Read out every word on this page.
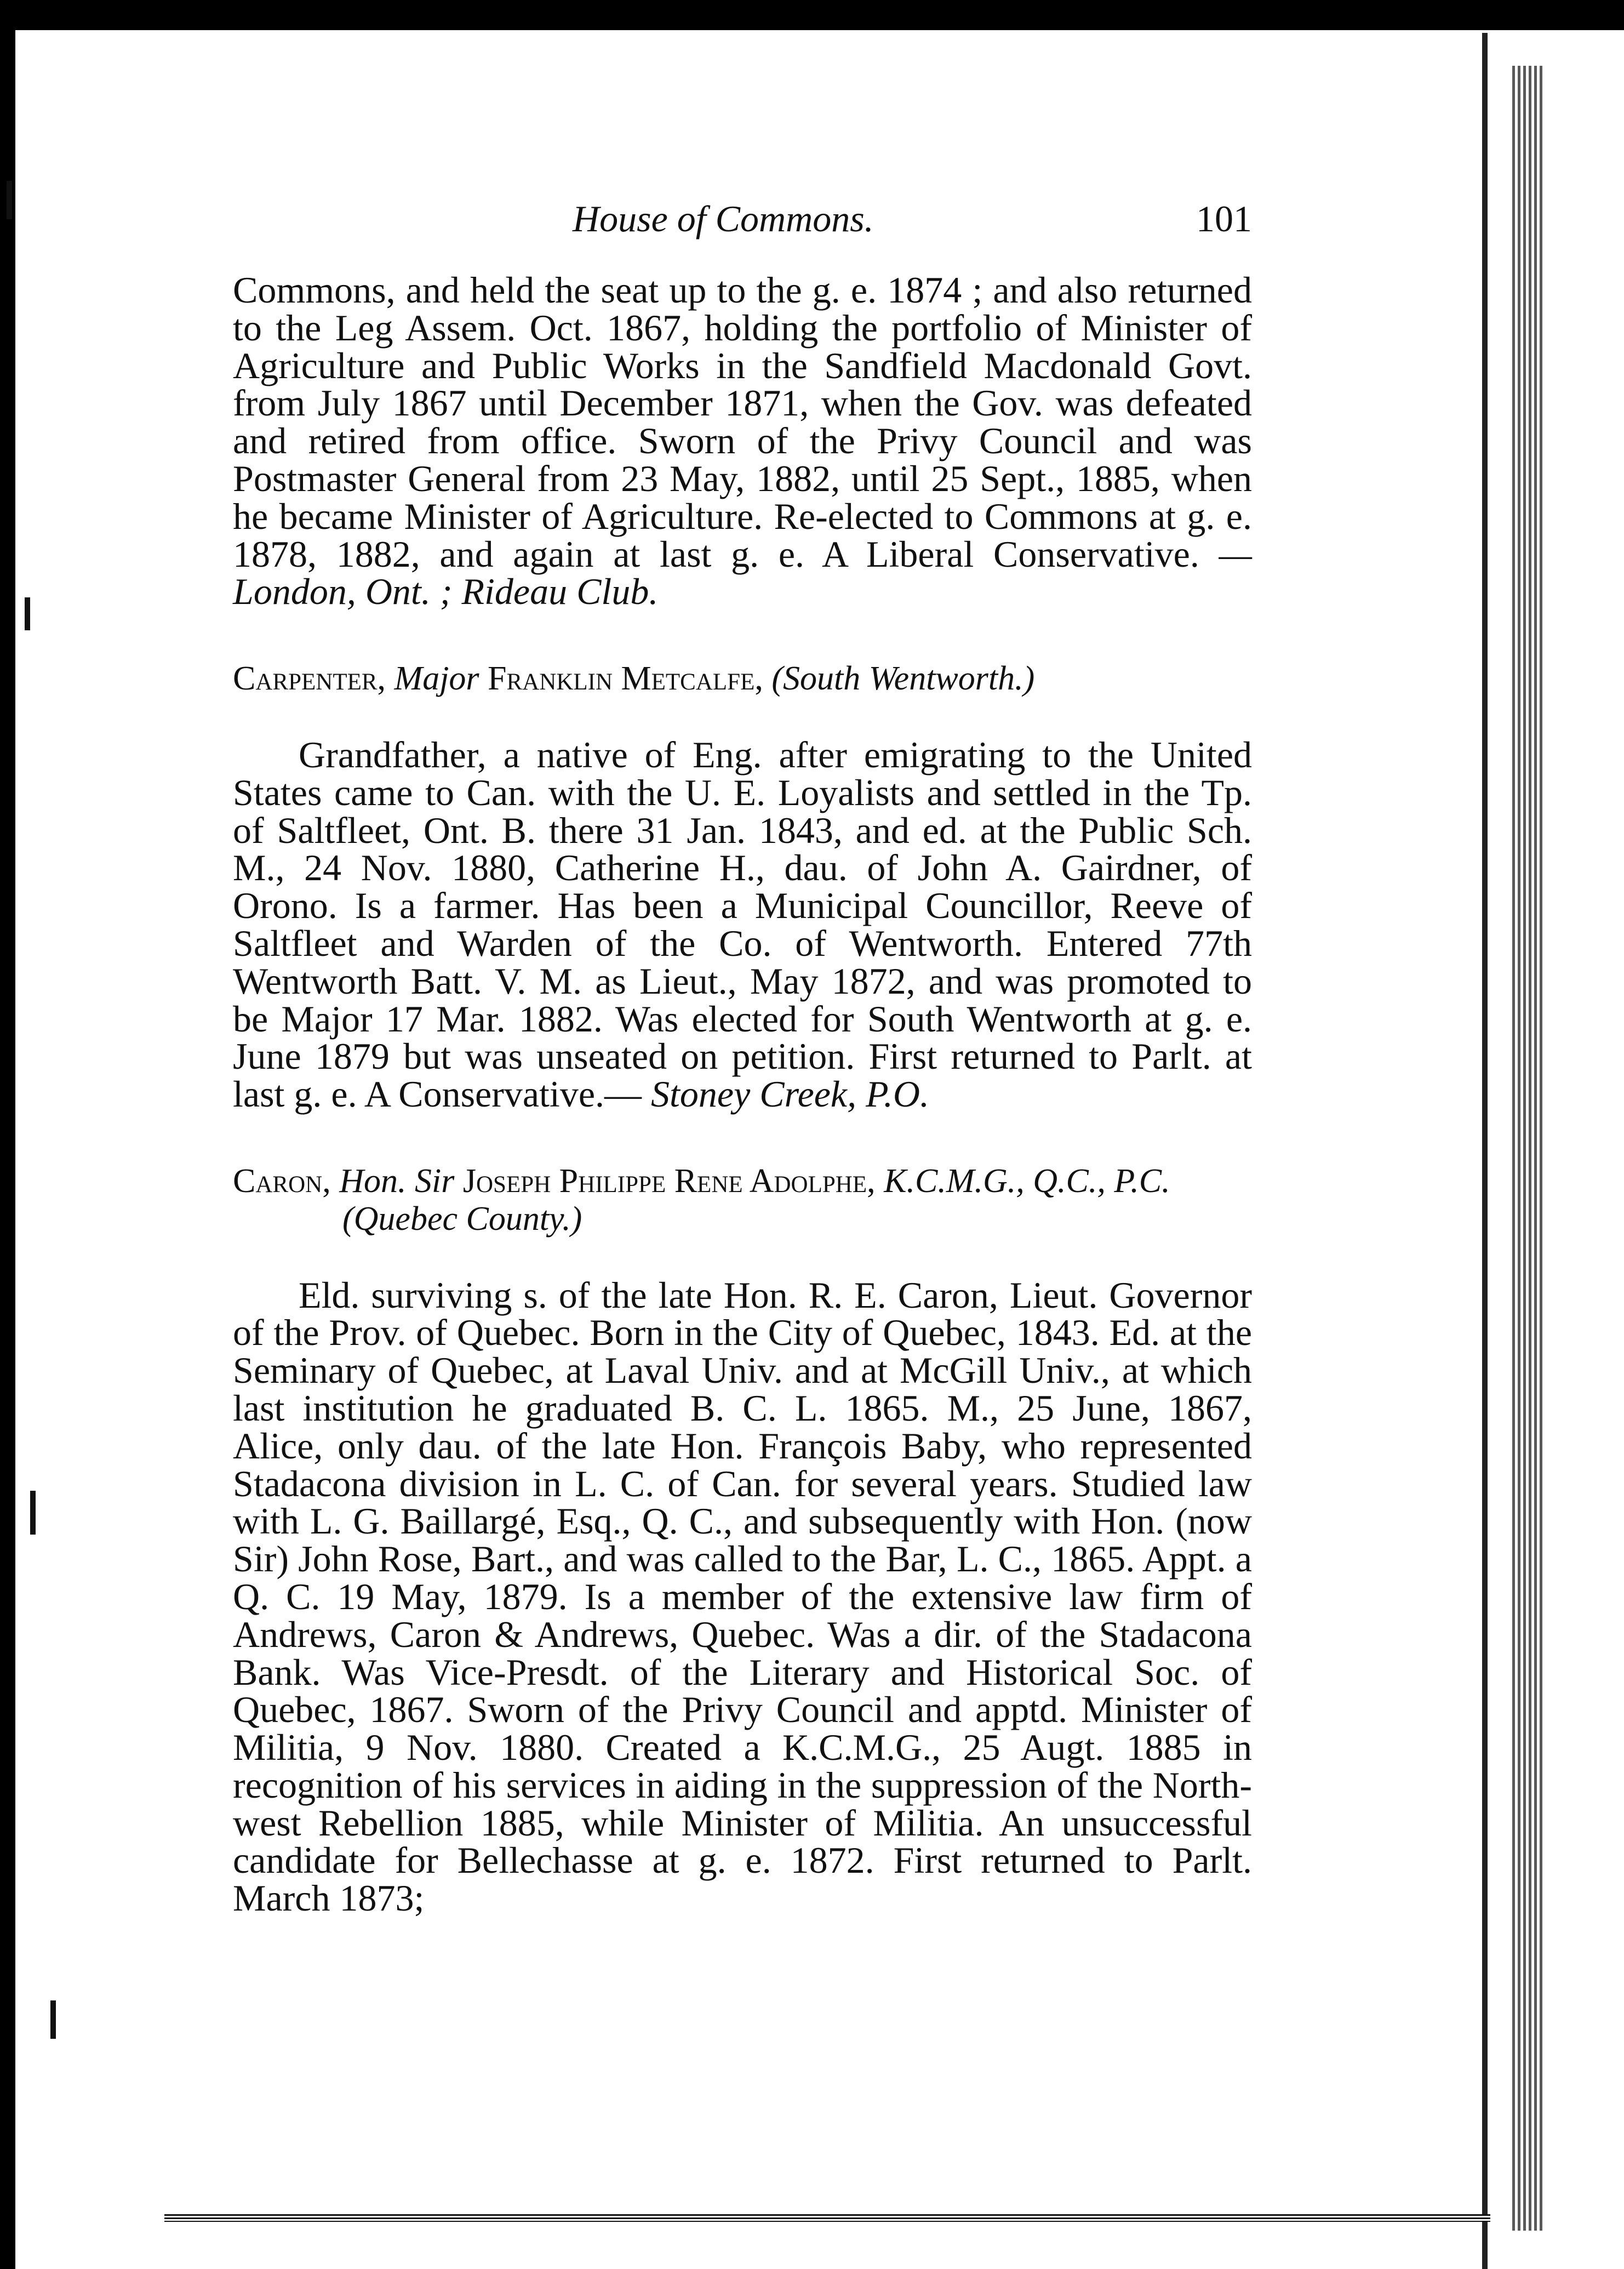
House of Commons.	101

Commons, and held the seat up to the g. e. 1874 ; and also returned to the Leg Assem. Oct. 1867, holding the portfolio of Minister of Agriculture and Public Works in the Sandfield Macdonald Govt. from July 1867 until December 1871, when the Gov. was defeated and retired from office. Sworn of the Privy Council and was Postmaster General from 23 May, 1882, until 25 Sept., 1885, when he became Minister of Agriculture. Re-elected to Commons at g. e. 1878, 1882, and again at last g. e. A Liberal Conservative. —London, Ont. ; Rideau Club.

Carpenter, Major Franklin Metcalfe, (South Wentworth.)

Grandfather, a native of Eng. after emigrating to the United States came to Can. with the U. E. Loyalists and settled in the Tp. of Saltfleet, Ont. B. there 31 Jan. 1843, and ed. at the Public Sch. M., 24 Nov. 1880, Catherine H., dau. of John A. Gairdner, of Orono. Is a farmer. Has been a Municipal Councillor, Reeve of Saltfleet and Warden of the Co. of Wentworth. Entered 77th Wentworth Batt. V. M. as Lieut., May 1872, and was promoted to be Major 17 Mar. 1882. Was elected for South Wentworth at g. e. June 1879 but was unseated on petition. First returned to Parlt. at last g. e. A Conservative.— Stoney Creek, P.O.

Caron, Hon. Sir Joseph Philippe Rene Adolphe, K.C.M.G., Q.C., P.C. (Quebec County.)

Eld. surviving s. of the late Hon. R. E. Caron, Lieut. Governor of the Prov. of Quebec. Born in the City of Quebec, 1843. Ed. at the Seminary of Quebec, at Laval Univ. and at McGill Univ., at which last institution he graduated B. C. L. 1865. M., 25 June, 1867, Alice, only dau. of the late Hon. François Baby, who represented Stadacona division in L. C. of Can. for several years. Studied law with L. G. Baillargé, Esq., Q. C., and subsequently with Hon. (now Sir) John Rose, Bart., and was called to the Bar, L. C., 1865. Appt. a Q. C. 19 May, 1879. Is a member of the extensive law firm of Andrews, Caron & Andrews, Quebec. Was a dir. of the Stadacona Bank. Was Vice-Presdt. of the Literary and Historical Soc. of Quebec, 1867. Sworn of the Privy Council and apptd. Minister of Militia, 9 Nov. 1880. Created a K.C.M.G., 25 Augt. 1885 in recognition of his services in aiding in the suppression of the North-west Rebellion 1885, while Minister of Militia. An unsuccessful candidate for Bellechasse at g. e. 1872. First returned to Parlt. March 1873;
